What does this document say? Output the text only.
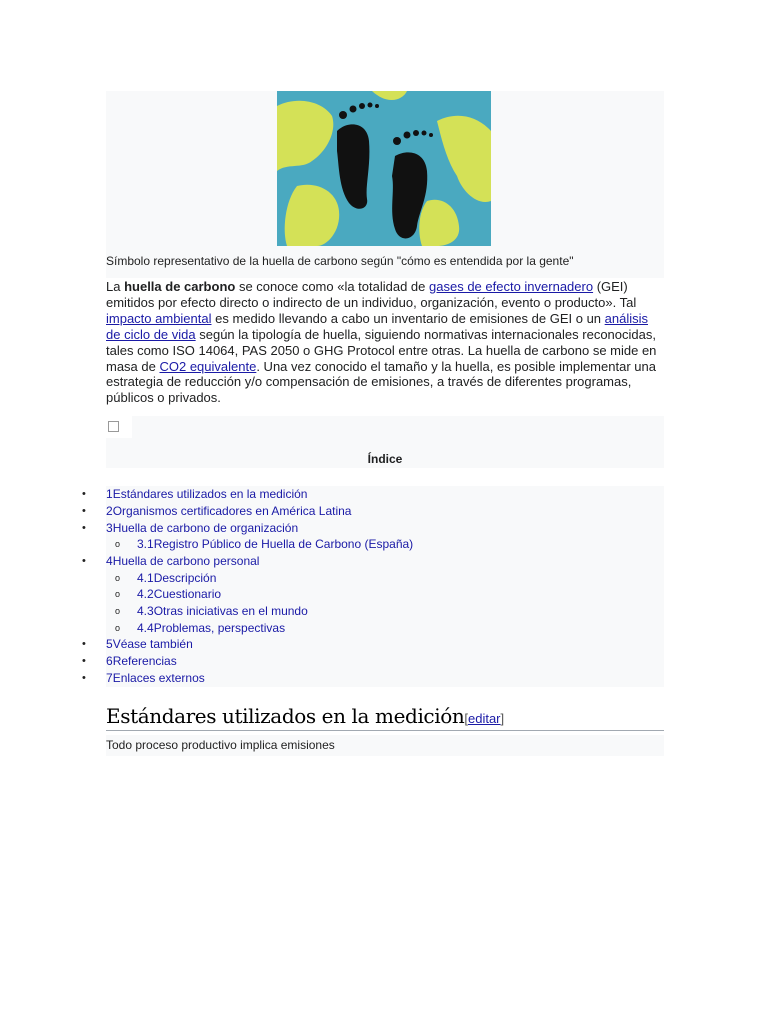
Símbolo representativo de la huella de carbono según "cómo es entendida por la gente"

La huella de carbono se conoce como «la totalidad de gases de efecto invernadero (GEI) emitidos por efecto directo o indirecto de un individuo, organización, evento o producto». Tal impacto ambiental es medido llevando a cabo un inventario de emisiones de GEI o un análisis de ciclo de vida según la tipología de huella, siguiendo normativas internacionales reconocidas, tales como ISO 14064, PAS 2050 o GHG Protocol entre otras. La huella de carbono se mide en masa de CO2 equivalente. Una vez conocido el tamaño y la huella, es posible implementar una estrategia de reducción y/o compensación de emisiones, a través de diferentes programas, públicos o privados.

Índice
• 1Estándares utilizados en la medición
• 2Organismos certificadores en América Latina
• 3Huella de carbono de organización
o 3.1Registro Público de Huella de Carbono (España)
• 4Huella de carbono personal
o 4.1Descripción
o 4.2Cuestionario
o 4.3Otras iniciativas en el mundo
o 4.4Problemas, perspectivas
• 5Véase también
• 6Referencias
• 7Enlaces externos
Estándares utilizados en la medición[editar]
Todo proceso productivo implica emisiones
